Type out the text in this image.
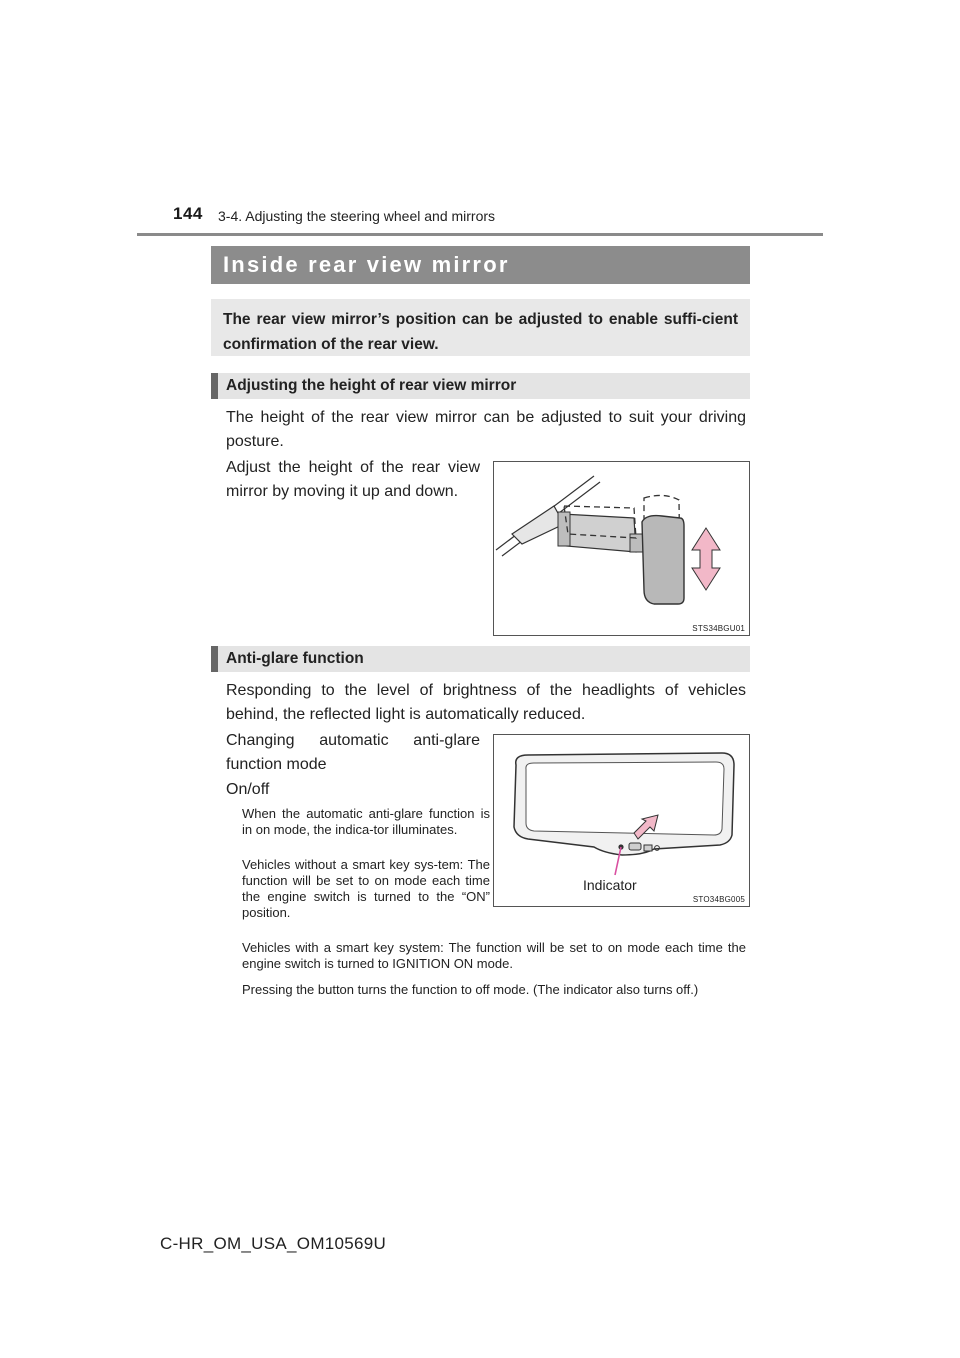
144 3-4. Adjusting the steering wheel and mirrors
Inside rear view mirror
The rear view mirror’s position can be adjusted to enable suffi-cient confirmation of the rear view.
Adjusting the height of rear view mirror
The height of the rear view mirror can be adjusted to suit your driving posture.
Adjust the height of the rear view mirror by moving it up and down.
STS34BGU01
Anti-glare function
Responding to the level of brightness of the headlights of vehicles behind, the reflected light is automatically reduced.
Changing automatic anti-glare function mode
On/off
When the automatic anti-glare function is in on mode, the indica-tor illuminates.
Vehicles without a smart key sys-tem: The function will be set to on mode each time the engine switch is turned to the “ON” position.
Vehicles with a smart key system: The function will be set to on mode each time the engine switch is turned to IGNITION ON mode.
Pressing the button turns the function to off mode. (The indicator also turns off.)
Indicator
STO34BG005
C-HR_OM_USA_OM10569U
